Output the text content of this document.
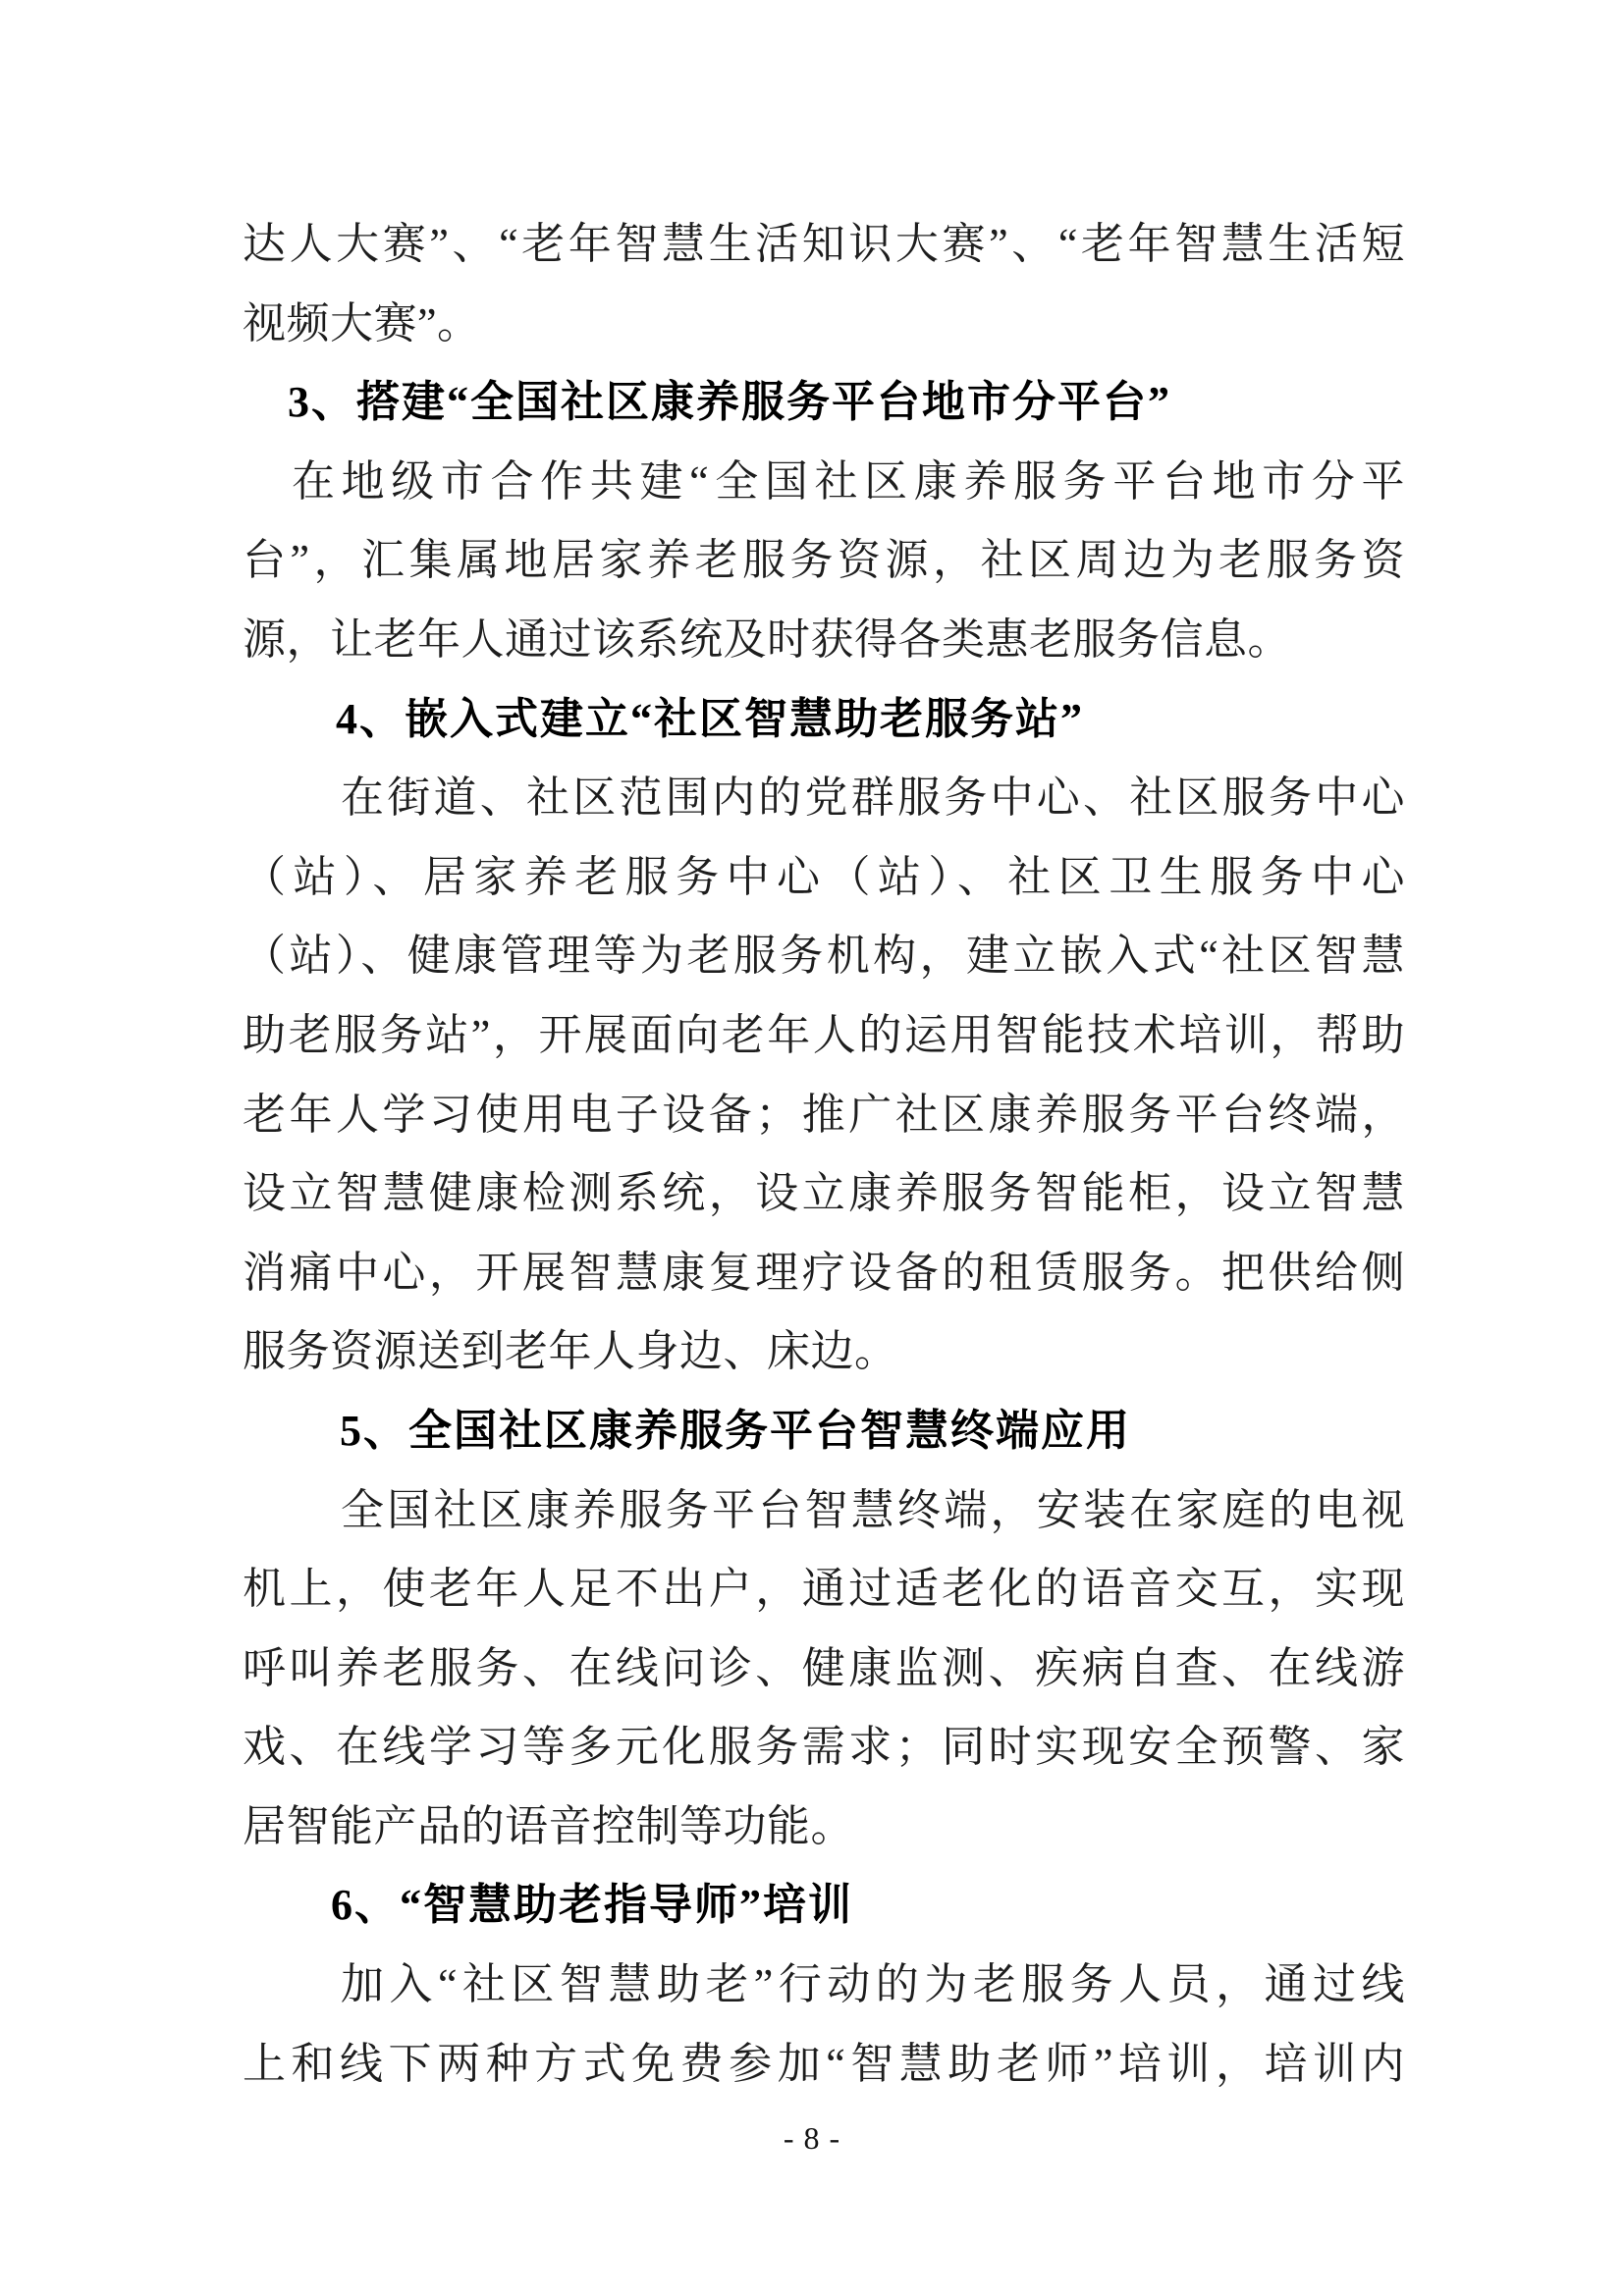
达人大赛”、“老年智慧生活知识大赛”、“老年智慧生活短
视频大赛”。
3、搭建“全国社区康养服务平台地市分平台”
在地级市合作共建“全国社区康养服务平台地市分平
台”，汇集属地居家养老服务资源，社区周边为老服务资
源，让老年人通过该系统及时获得各类惠老服务信息。
4、嵌入式建立“社区智慧助老服务站”
在街道、社区范围内的党群服务中心、社区服务中心
（站）、居家养老服务中心（站）、社区卫生服务中心
（站）、健康管理等为老服务机构，建立嵌入式“社区智慧
助老服务站”，开展面向老年人的运用智能技术培训，帮助
老年人学习使用电子设备；推广社区康养服务平台终端，
设立智慧健康检测系统，设立康养服务智能柜，设立智慧
消痛中心，开展智慧康复理疗设备的租赁服务。把供给侧
服务资源送到老年人身边、床边。
5、全国社区康养服务平台智慧终端应用
全国社区康养服务平台智慧终端，安装在家庭的电视
机上，使老年人足不出户，通过适老化的语音交互，实现
呼叫养老服务、在线问诊、健康监测、疾病自查、在线游
戏、在线学习等多元化服务需求；同时实现安全预警、家
居智能产品的语音控制等功能。
6、“智慧助老指导师”培训
加入“社区智慧助老”行动的为老服务人员，通过线
上和线下两种方式免费参加“智慧助老师”培训，培训内
- 8 -
